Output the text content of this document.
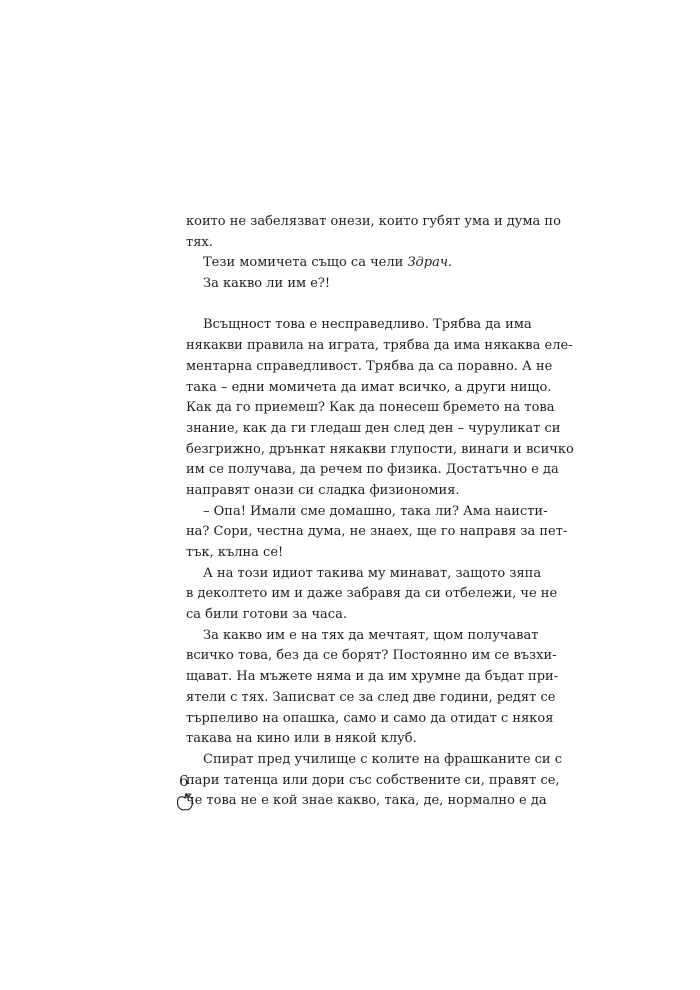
които не забелязват онези, които губят ума и дума по
тях.
Тези момичета също са чели Здрач.
За какво ли им е?!
Всъщност това е несправедливо. Трябва да има
някакви правила на играта, трябва да има някаква еле-
ментарна справедливост. Трябва да са поравно. А не
така – едни момичета да имат всичко, а други нищо.
Как да го приемеш? Как да понесеш бремето на това
знание, как да ги гледаш ден след ден – чуруликат си
безгрижно, дрънкат някакви глупости, винаги и всичко
им се получава, да речем по физика. Достатъчно е да
направят онази си сладка физиономия.
– Опа! Имали сме домашно, така ли? Ама наисти-
на? Сори, честна дума, не знаех, ще го направя за пет-
тък, кълна се!
А на този идиот такива му минават, защото зяпа
в деколтето им и даже забравя да си отбележи, че не
са били готови за часа.
За какво им е на тях да мечтаят, щом получават
всичко това, без да се борят? Постоянно им се възхи-
щават. На мъжете няма и да им хрумне да бъдат при-
ятели с тях. Записват се за след две години, редят се
търпеливо на опашка, само и само да отидат с някоя
такава на кино или в някой клуб.
Спират пред училище с колите на фрашканите си с
пари татенца или дори със собствените си, правят се,
че това не е кой знае какво, така, де, нормално е да
6
